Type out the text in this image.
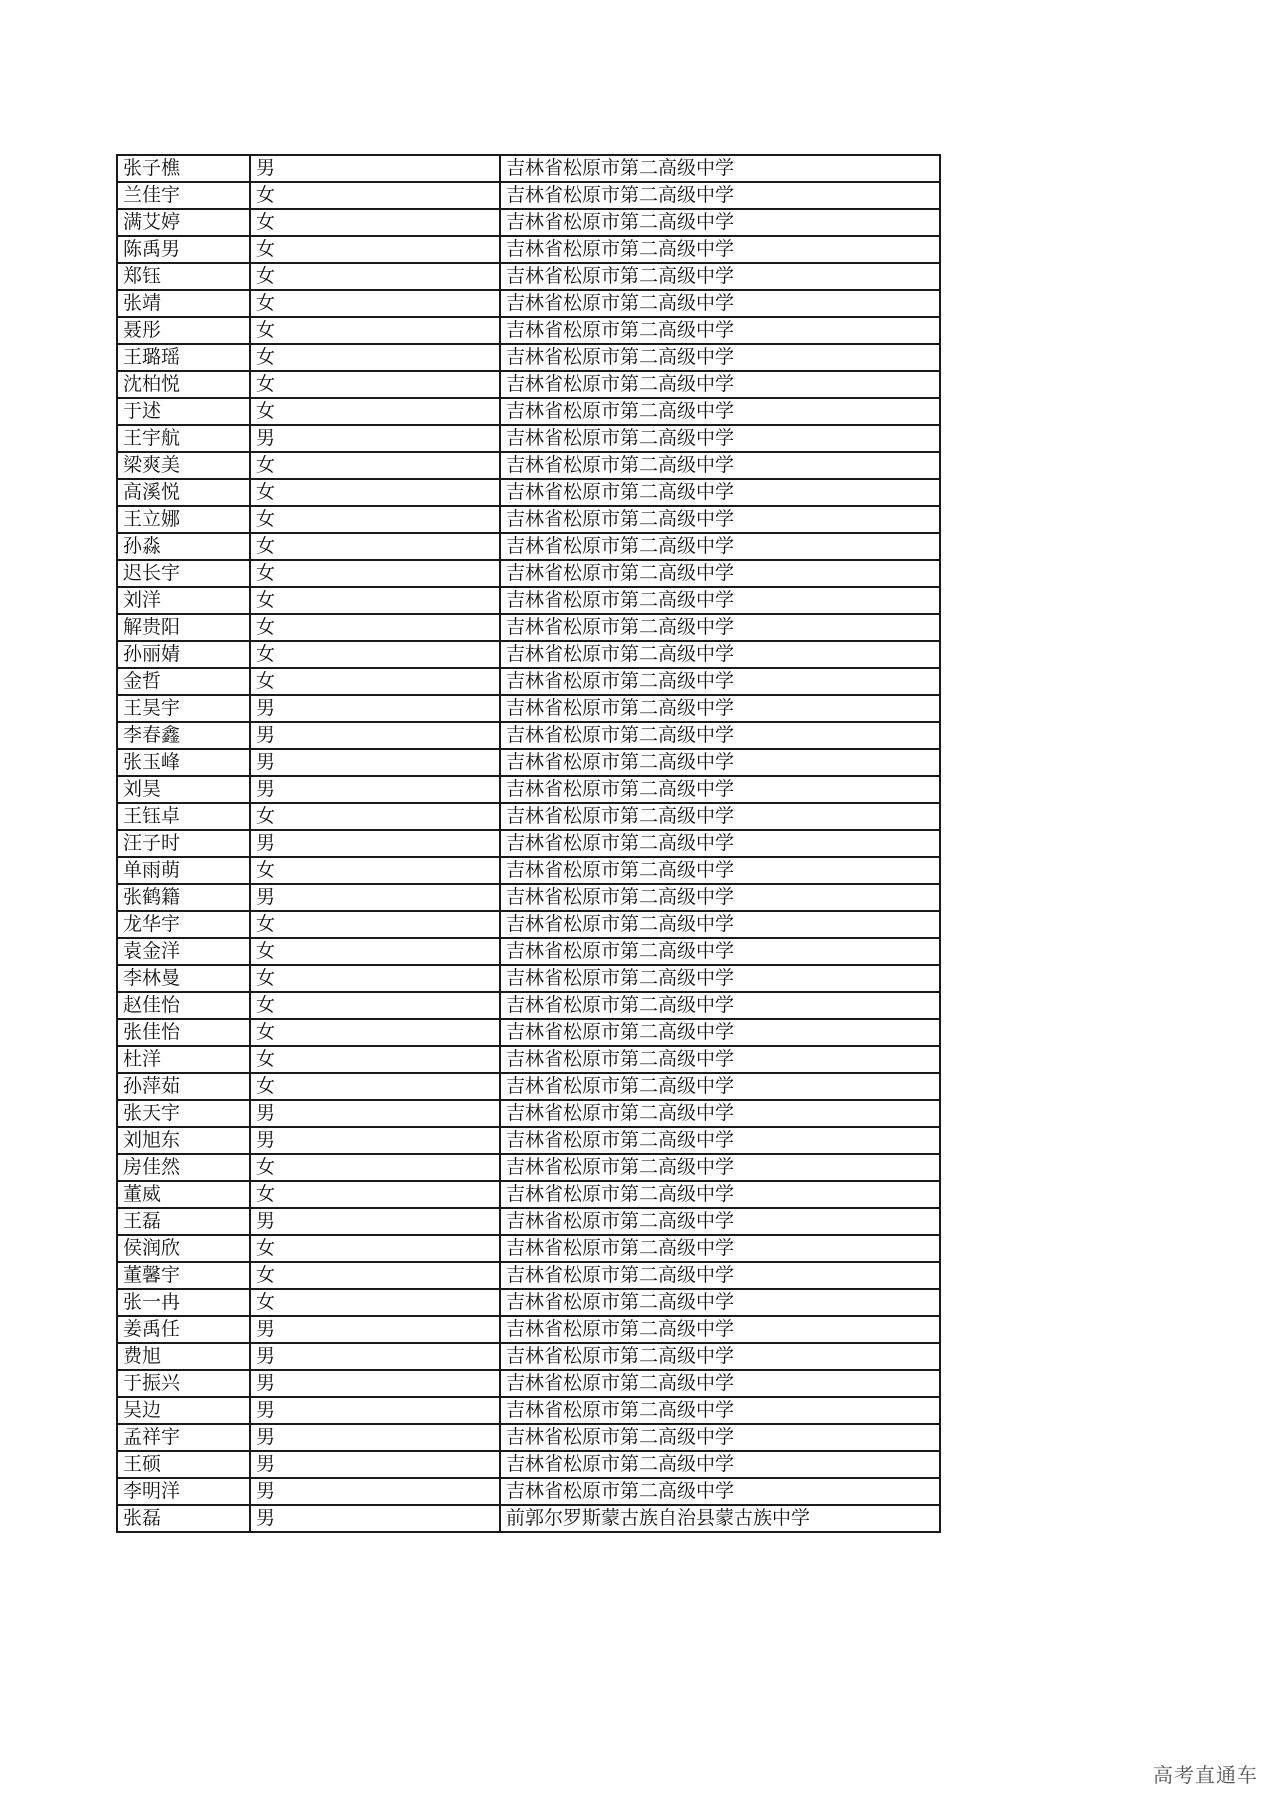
张子樵	男	吉林省松原市第二高级中学
兰佳宇	女	吉林省松原市第二高级中学
满艾婷	女	吉林省松原市第二高级中学
陈禹男	女	吉林省松原市第二高级中学
郑钰	女	吉林省松原市第二高级中学
张靖	女	吉林省松原市第二高级中学
聂彤	女	吉林省松原市第二高级中学
王璐瑶	女	吉林省松原市第二高级中学
沈柏悦	女	吉林省松原市第二高级中学
于述	女	吉林省松原市第二高级中学
王宇航	男	吉林省松原市第二高级中学
梁爽美	女	吉林省松原市第二高级中学
高溪悦	女	吉林省松原市第二高级中学
王立娜	女	吉林省松原市第二高级中学
孙淼	女	吉林省松原市第二高级中学
迟长宇	女	吉林省松原市第二高级中学
刘洋	女	吉林省松原市第二高级中学
解贵阳	女	吉林省松原市第二高级中学
孙丽婧	女	吉林省松原市第二高级中学
金哲	女	吉林省松原市第二高级中学
王昊宇	男	吉林省松原市第二高级中学
李春鑫	男	吉林省松原市第二高级中学
张玉峰	男	吉林省松原市第二高级中学
刘昊	男	吉林省松原市第二高级中学
王钰卓	女	吉林省松原市第二高级中学
汪子时	男	吉林省松原市第二高级中学
单雨萌	女	吉林省松原市第二高级中学
张鹤籍	男	吉林省松原市第二高级中学
龙华宇	女	吉林省松原市第二高级中学
袁金洋	女	吉林省松原市第二高级中学
李林曼	女	吉林省松原市第二高级中学
赵佳怡	女	吉林省松原市第二高级中学
张佳怡	女	吉林省松原市第二高级中学
杜洋	女	吉林省松原市第二高级中学
孙萍茹	女	吉林省松原市第二高级中学
张天宇	男	吉林省松原市第二高级中学
刘旭东	男	吉林省松原市第二高级中学
房佳然	女	吉林省松原市第二高级中学
董威	女	吉林省松原市第二高级中学
王磊	男	吉林省松原市第二高级中学
侯润欣	女	吉林省松原市第二高级中学
董馨宇	女	吉林省松原市第二高级中学
张一冉	女	吉林省松原市第二高级中学
姜禹任	男	吉林省松原市第二高级中学
费旭	男	吉林省松原市第二高级中学
于振兴	男	吉林省松原市第二高级中学
吴边	男	吉林省松原市第二高级中学
孟祥宇	男	吉林省松原市第二高级中学
王硕	男	吉林省松原市第二高级中学
李明洋	男	吉林省松原市第二高级中学
张磊	男	前郭尔罗斯蒙古族自治县蒙古族中学
高考直通车
